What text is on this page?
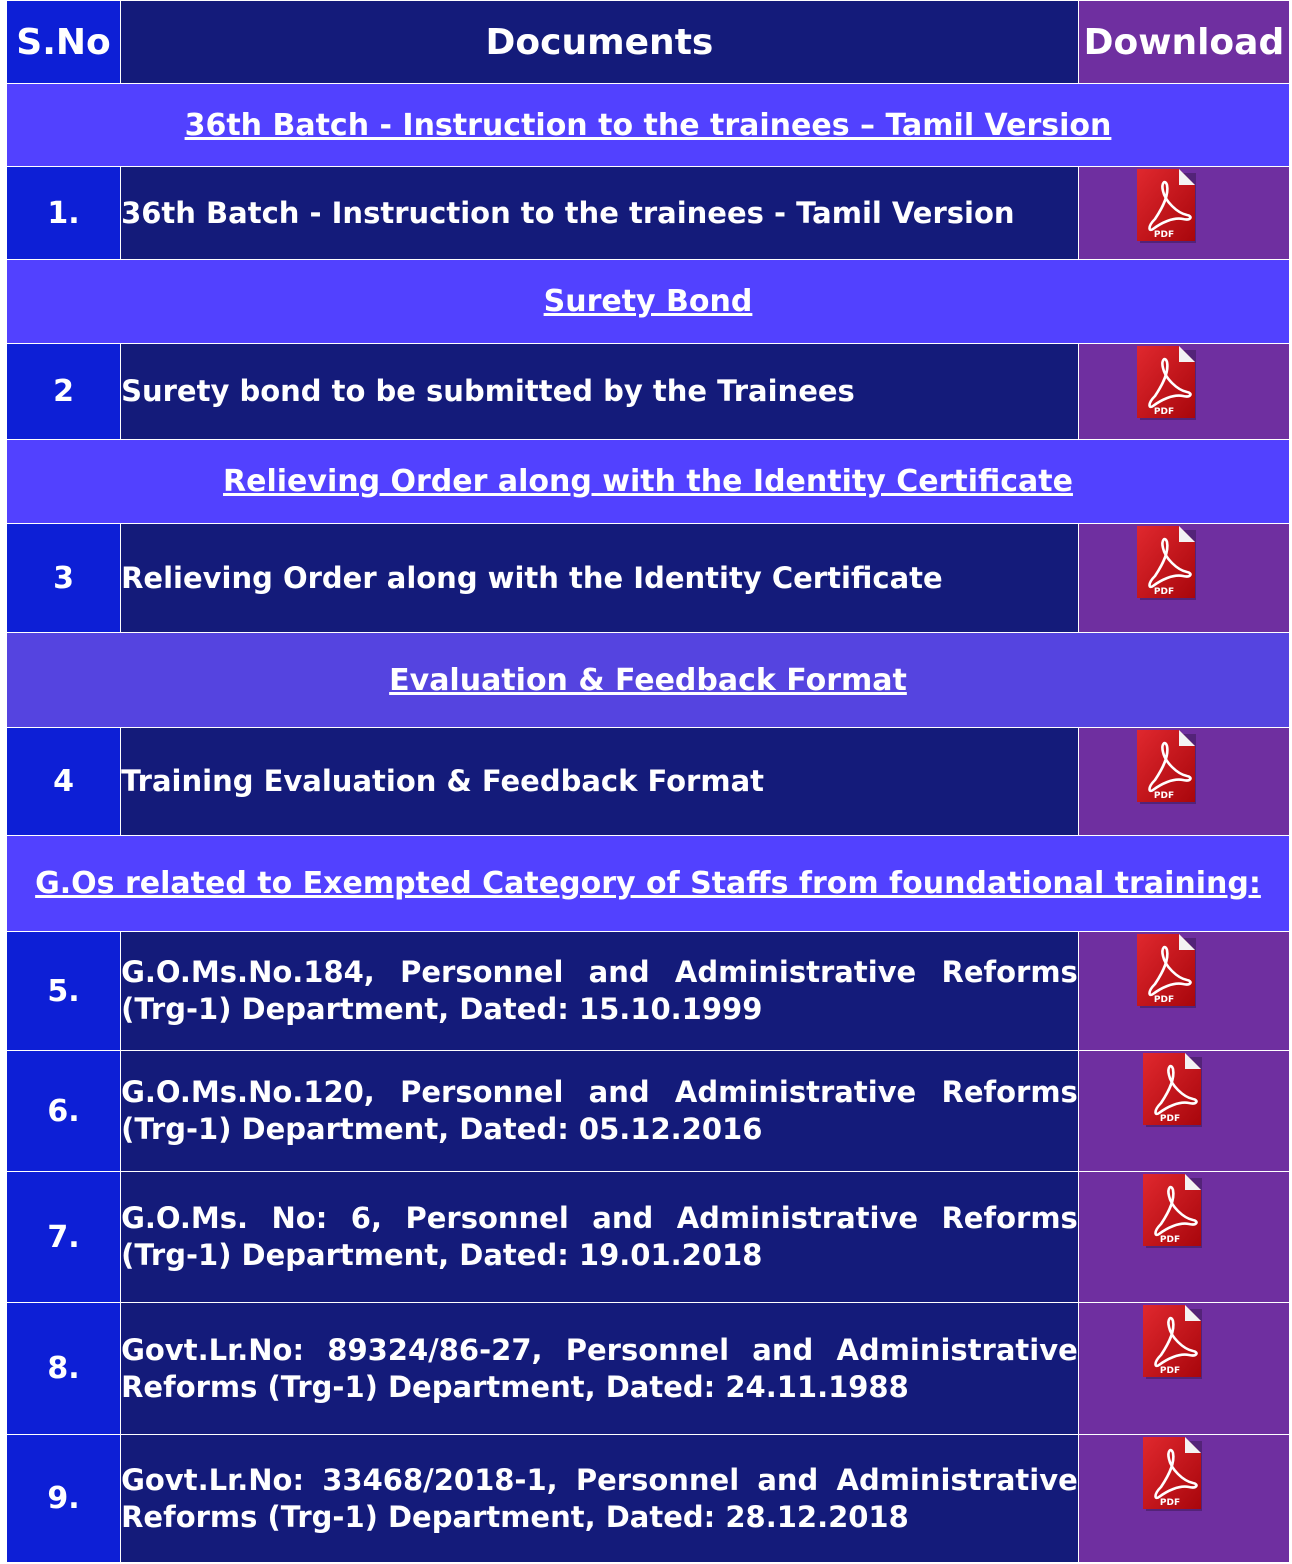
S.No	Documents	Download
36th Batch - Instruction to the trainees – Tamil Version		
1.	36th Batch - Instruction to the trainees - Tamil Version	PDF

Surety Bond		
2	Surety bond to be submitted by the Trainees	PDF

Relieving Order along with the Identity Certificate		
3	Relieving Order along with the Identity Certificate	PDF

Evaluation & Feedback Format		
4	Training Evaluation & Feedback Format	PDF

G.Os related to Exempted Category of Staffs from foundational training:		
5.	G.O.Ms.No.184, Personnel and Administrative Reforms (Trg-1) Department, Dated: 15.10.1999	PDF

6.	G.O.Ms.No.120, Personnel and Administrative Reforms (Trg-1) Department, Dated: 05.12.2016	PDF

7.	G.O.Ms. No: 6, Personnel and Administrative Reforms (Trg-1) Department, Dated: 19.01.2018	PDF

8.	Govt.Lr.No: 89324/86-27, Personnel and Administrative Reforms (Trg-1) Department, Dated: 24.11.1988	PDF

9.	Govt.Lr.No: 33468/2018-1, Personnel and Administrative Reforms (Trg-1) Department, Dated: 28.12.2018	PDF
